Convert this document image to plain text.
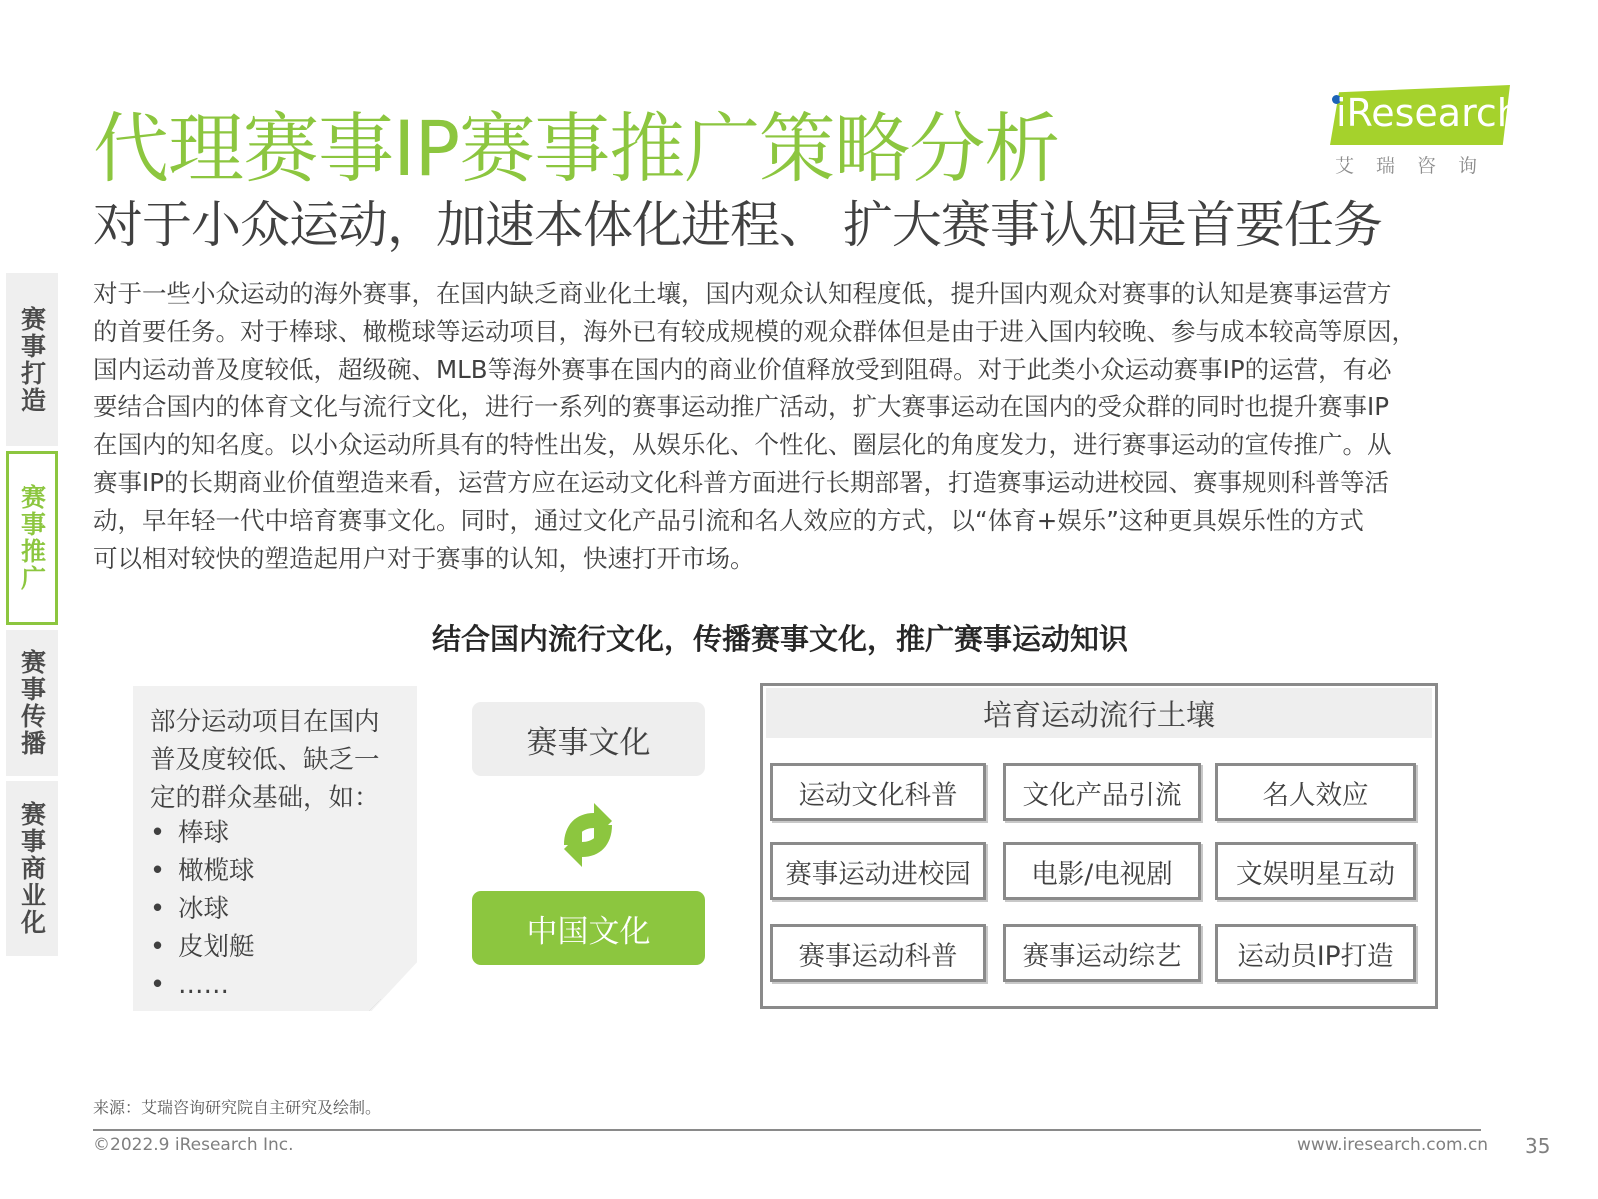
代理赛事IP赛事推广策略分析
对于小众运动，加速本体化进程、 扩大赛事认知是首要任务
iResearch
艾瑞咨询
赛事打造
赛事推广
赛事传播
赛事商业化

对于一些小众运动的海外赛事，在国内缺乏商业化土壤，国内观众认知程度低，提升国内观众对赛事的认知是赛事运营方

的首要任务。对于棒球、橄榄球等运动项目，海外已有较成规模的观众群体但是由于进入国内较晚、参与成本较高等原因，

国内运动普及度较低，超级碗、MLB等海外赛事在国内的商业价值释放受到阻碍。对于此类小众运动赛事IP的运营，有必

要结合国内的体育文化与流行文化，进行一系列的赛事运动推广活动，扩大赛事运动在国内的受众群的同时也提升赛事IP

在国内的知名度。以小众运动所具有的特性出发，从娱乐化、个性化、圈层化的角度发力，进行赛事运动的宣传推广。从

赛事IP的长期商业价值塑造来看，运营方应在运动文化科普方面进行长期部署，打造赛事运动进校园、赛事规则科普等活

动，早年轻一代中培育赛事文化。同时，通过文化产品引流和名人效应的方式，以“体育+娱乐”这种更具娱乐性的方式

可以相对较快的塑造起用户对于赛事的认知，快速打开市场。

结合国内流行文化，传播赛事文化，推广赛事运动知识
部分运动项目在国内普及度较低、缺乏一定的群众基础，如：
• 棒球
• 橄榄球
• 冰球
• 皮划艇
• ……
赛事文化
中国文化
培育运动流行土壤
运动文化科普	文化产品引流	名人效应
赛事运动进校园	电影/电视剧	文娱明星互动
赛事运动科普	赛事运动综艺	运动员IP打造
来源：艾瑞咨询研究院自主研究及绘制。
©2022.9 iResearch Inc.	www.iresearch.com.cn 35
